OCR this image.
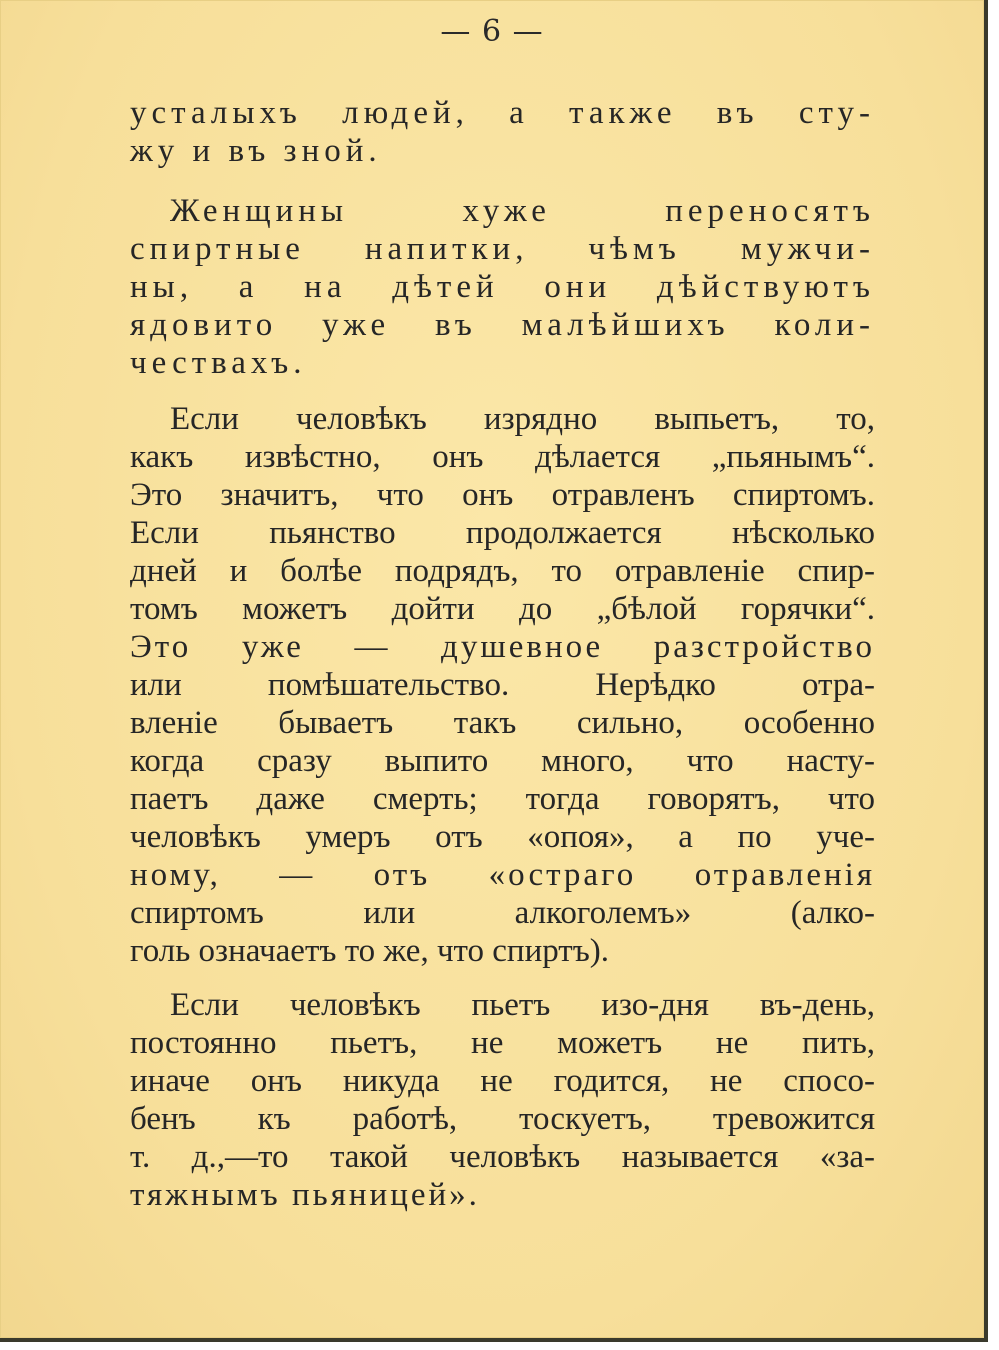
— 6 —
усталыхъ людей, а также въ сту-
жу и въ зной.
Женщины хуже переносятъ
спиртные напитки, чѣмъ мужчи-
ны, а на дѣтей они дѣйствуютъ
ядовито уже въ малѣйшихъ коли-
чествахъ.
Если человѣкъ изрядно выпьетъ, то,
какъ извѣстно, онъ дѣлается „пьянымъ“.
Это значитъ, что онъ отравленъ спиртомъ.
Если пьянство продолжается нѣсколько
дней и болѣе подрядъ, то отравленіе спир-
томъ можетъ дойти до „бѣлой горячки“.
Это уже — душевное разстройство
или помѣшательство. Нерѣдко отра-
вленіе бываетъ такъ сильно, особенно
когда сразу выпито много, что насту-
паетъ даже смерть; тогда говорятъ, что
человѣкъ умеръ отъ «опоя», а по уче-
ному, — отъ «остраго отравленія
спиртомъ или алкоголемъ» (алко-
голь означаетъ то же, что спиртъ).
Если человѣкъ пьетъ изо-дня въ-день,
постоянно пьетъ, не можетъ не пить,
иначе онъ никуда не годится, не спосо-
бенъ къ работѣ, тоскуетъ, тревожится
т. д.,—то такой человѣкъ называется «за-
тяжнымъ пьяницей».
